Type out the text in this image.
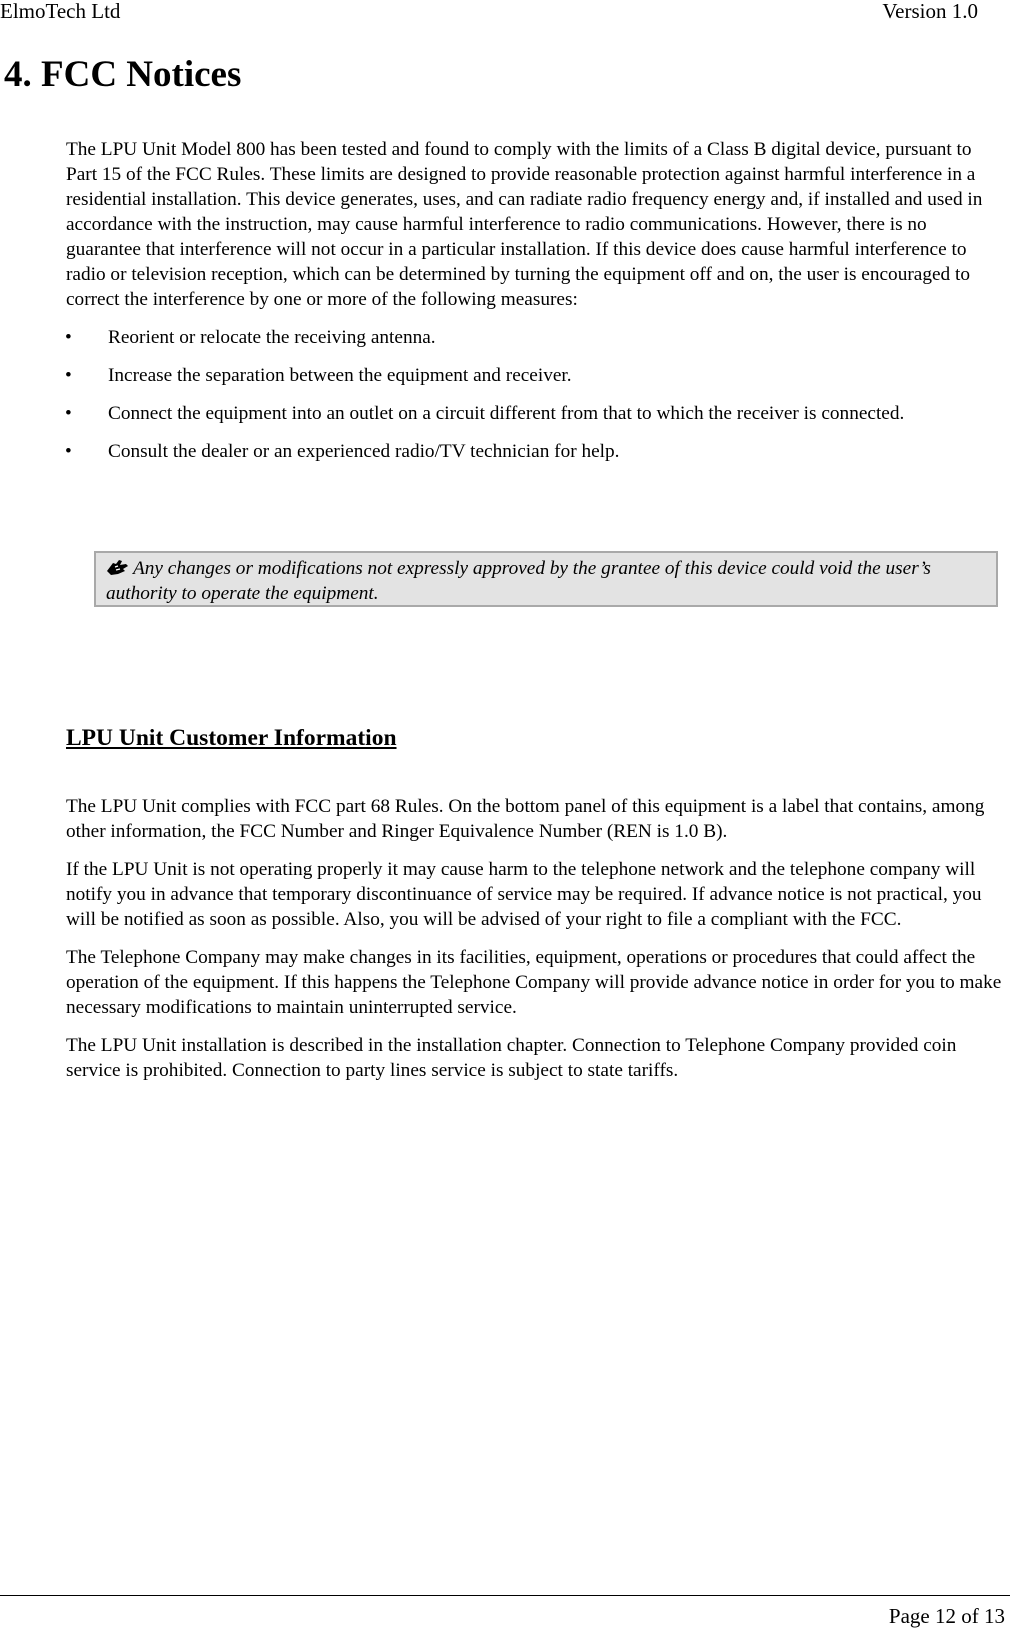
ElmoTech Ltd	Version 1.0
4. FCC Notices

The LPU Unit Model 800 has been tested and found to comply with the limits of a Class B digital device, pursuant to Part 15 of the FCC Rules. These limits are designed to provide reasonable protection against harmful interference in a residential installation. This device generates, uses, and can radiate radio frequency energy and, if installed and used in accordance with the instruction, may cause harmful interference to radio communications. However, there is no guarantee that interference will not occur in a particular installation. If this device does cause harmful interference to radio or television reception, which can be determined by turning the equipment off and on, the user is encouraged to correct the interference by one or more of the following measures:

• Reorient or relocate the receiving antenna.
• Increase the separation between the equipment and receiver.
• Connect the equipment into an outlet on a circuit different from that to which the receiver is connected.
• Consult the dealer or an experienced radio/TV technician for help.
Any changes or modifications not expressly approved by the grantee of this device could void the user’s authority to operate the equipment.
LPU Unit Customer Information

The LPU Unit complies with FCC part 68 Rules. On the bottom panel of this equipment is a label that contains, among other information, the FCC Number and Ringer Equivalence Number (REN is 1.0 B).

If the LPU Unit is not operating properly it may cause harm to the telephone network and the telephone company will notify you in advance that temporary discontinuance of service may be required. If advance notice is not practical, you will be notified as soon as possible. Also, you will be advised of your right to file a compliant with the FCC.

The Telephone Company may make changes in its facilities, equipment, operations or procedures that could affect the operation of the equipment. If this happens the Telephone Company will provide advance notice in order for you to make necessary modifications to maintain uninterrupted service.

The LPU Unit installation is described in the installation chapter. Connection to Telephone Company provided coin service is prohibited. Connection to party lines service is subject to state tariffs.

Page 12 of 13
